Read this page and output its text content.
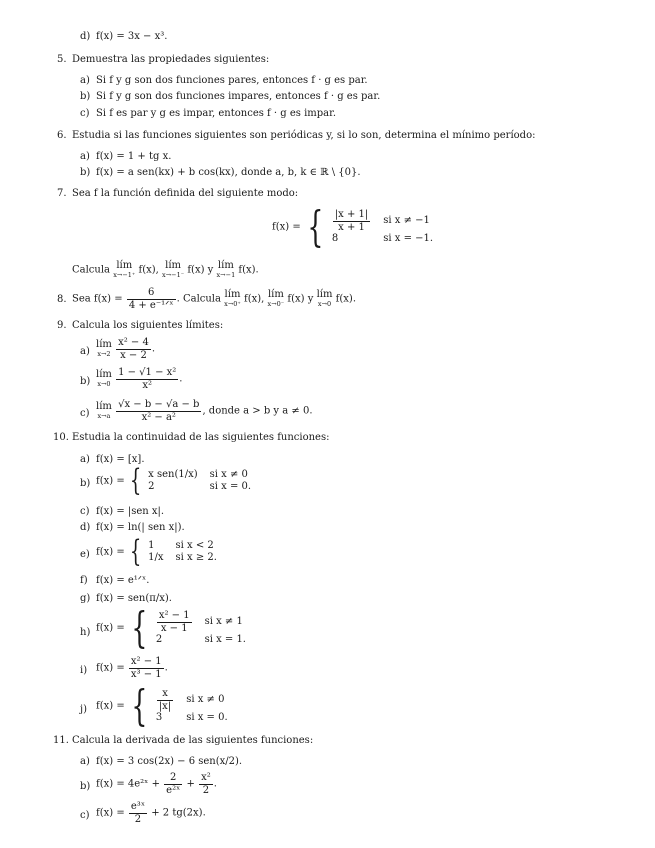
d) f(x) = 3x − x³.
5. Demuestra las propiedades siguientes:
a) Si f y g son dos funciones pares, entonces f · g es par.
b) Si f y g son dos funciones impares, entonces f · g es par.
c) Si f es par y g es impar, entonces f · g es impar.
6. Estudia si las funciones siguientes son periódicas y, si lo son, determina el mínimo período:
a) f(x) = 1 + tg x.
b) f(x) = a sen(kx) + b cos(kx), donde a, b, k ∈ ℝ \ {0}.
7. Sea f la función definida del siguiente modo:
f(x) = { $\frac{|x + 1|}{x + 1}$	si x ≠ −1
8	si x = −1.
Calcula lím
x→−1⁺ f(x), lím
x→−1⁻ f(x) y lím
x→−1 f(x).
8. Sea f(x) =
6
4 + e⁻¹ᐟˣ
. Calcula lím
x→0⁺ f(x), lím
x→0⁻ f(x) y lím
x→0 f(x).
9. Calcula los siguientes límites:
a)
lím
x→2
$\frac{\text{x² − 4}}{x - 2}$ .
b)
lím
x→0
$\frac{\text{1 − √1 − x²}}{\text{x²}}$ .
c)
lím
x→a
$\frac{√x - b - √a - b}{\text{x² − a²}}$ , donde a > b y a ≠ 0.
10. Estudia la continuidad de las siguientes funciones:
a) f(x) = [x].
b) f(x) = { x sen(1/x)	si x ≠ 0
2	si x = 0.
c) f(x) = |sen x|.
d) f(x) = ln(| sen x|).
e) f(x) = { 1	si x < 2
1/x	si x ≥ 2.
f) f(x) = e¹ᐟˣ.
g) f(x) = sen(π/x).
h) f(x) = { $\frac{\text{x² − 1}}{x - 1}$	si x ≠ 1
2	si x = 1.
i) $f(x) = \frac{\text{x² − 1}}{\text{x³ − 1}}$ .
j) f(x) = { $\frac{x}{|x|}$	si x ≠ 0
3	si x = 0.
11. Calcula la derivada de las siguientes funciones:
a) f(x) = 3 cos(2x) − 6 sen(x/2).
b) f(x) = 4e²ˣ + $\frac{2}{\text{e²ˣ}} + \frac{\text{x²}}{2}$ .
c) $f(x) = \frac{\text{e³ˣ}}{2} + 2$ tg(2x).
